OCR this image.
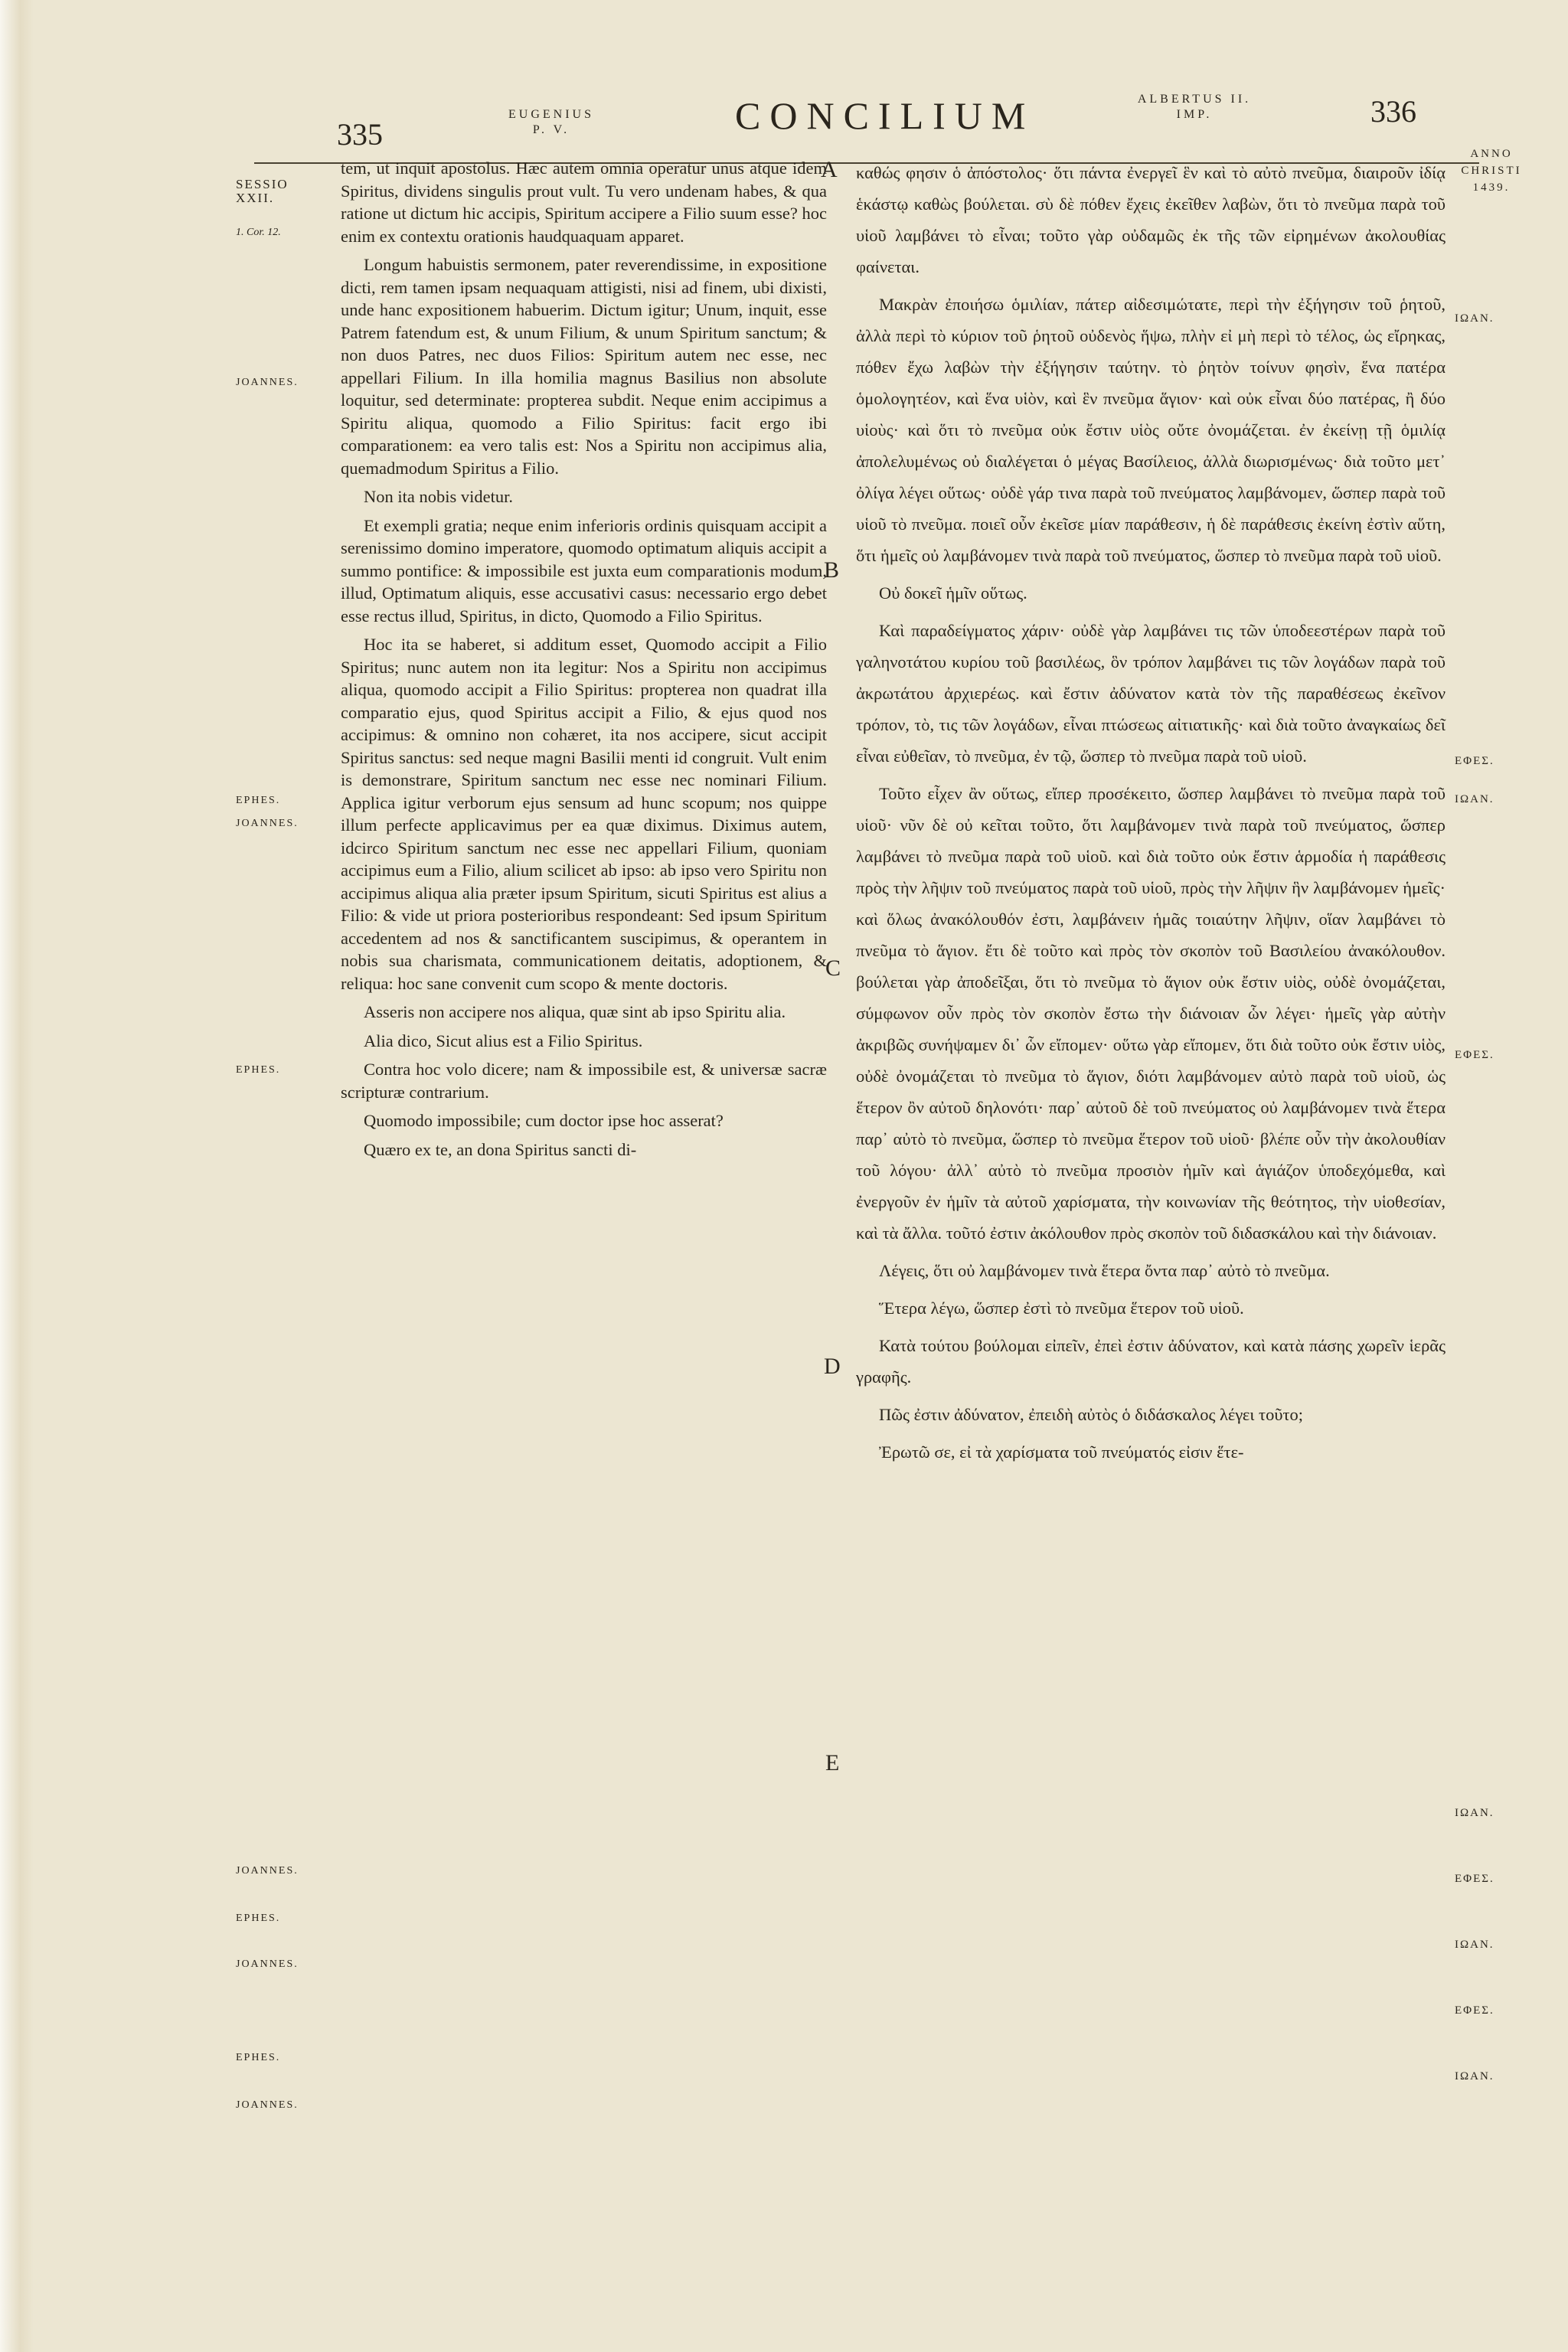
335
EUGENIUS
P. V.	CONCILIUM	ALBERTUS II.
IMP.	336
SESSIO XXII.
1. Cor. 12.
ANNO
CHRISTI
1439.
JOANNES.
EPHES.
JOANNES.
EPHES.
JOANNES.
EPHES.
JOANNES.
EPHES.
JOANNES.
ΙΩΑΝ.
ΕΦΕΣ.
ΙΩΑΝ.
ΕΦΕΣ.
ΙΩΑΝ.
ΕΦΕΣ.
ΙΩΑΝ.
ΕΦΕΣ.
ΙΩΑΝ.
A
B
C
D
E

tem, ut inquit apostolus. Hæc autem omnia operatur unus atque idem Spiritus, dividens singulis prout vult. Tu vero undenam habes, & qua ratione ut dictum hic accipis, Spiritum accipere a Filio suum esse? hoc enim ex contextu orationis haudquaquam apparet.

Longum habuistis sermonem, pater reverendissime, in expositione dicti, rem tamen ipsam nequaquam attigisti, nisi ad finem, ubi dixisti, unde hanc expositionem habuerim. Dictum igitur; Unum, inquit, esse Patrem fatendum est, & unum Filium, & unum Spiritum sanctum; & non duos Patres, nec duos Filios: Spiritum autem nec esse, nec appellari Filium. In illa homilia magnus Basilius non absolute loquitur, sed determinate: propterea subdit. Neque enim accipimus a Spiritu aliqua, quomodo a Filio Spiritus: facit ergo ibi comparationem: ea vero talis est: Nos a Spiritu non accipimus alia, quemadmodum Spiritus a Filio.

Non ita nobis videtur.

Et exempli gratia; neque enim inferioris ordinis quisquam accipit a serenissimo domino imperatore, quomodo optimatum aliquis accipit a summo pontifice: & impossibile est juxta eum comparationis modum, illud, Optimatum aliquis, esse accusativi casus: necessario ergo debet esse rectus illud, Spiritus, in dicto, Quomodo a Filio Spiritus.

Hoc ita se haberet, si additum esset, Quomodo accipit a Filio Spiritus; nunc autem non ita legitur: Nos a Spiritu non accipimus aliqua, quomodo accipit a Filio Spiritus: propterea non quadrat illa comparatio ejus, quod Spiritus accipit a Filio, & ejus quod nos accipimus: & omnino non cohæret, ita nos accipere, sicut accipit Spiritus sanctus: sed neque magni Basilii menti id congruit. Vult enim is demonstrare, Spiritum sanctum nec esse nec nominari Filium. Applica igitur verborum ejus sensum ad hunc scopum; nos quippe illum perfecte applicavimus per ea quæ diximus. Diximus autem, idcirco Spiritum sanctum nec esse nec appellari Filium, quoniam accipimus eum a Filio, alium scilicet ab ipso: ab ipso vero Spiritu non accipimus aliqua alia præter ipsum Spiritum, sicuti Spiritus est alius a Filio: & vide ut priora posterioribus respondeant: Sed ipsum Spiritum accedentem ad nos & sanctificantem suscipimus, & operantem in nobis sua charismata, communicationem deitatis, adoptionem, & reliqua: hoc sane convenit cum scopo & mente doctoris.

Asseris non accipere nos aliqua, quæ sint ab ipso Spiritu alia.

Alia dico, Sicut alius est a Filio Spiritus.

Contra hoc volo dicere; nam & impossibile est, & universæ sacræ scripturæ contrarium.

Quomodo impossibile; cum doctor ipse hoc asserat?

Quæro ex te, an dona Spiritus sancti di-

καθώς φησιν ὁ ἀπόστολος· ὅτι πάντα ἐνεργεῖ ἓν καὶ τὸ αὐτὸ πνεῦμα, διαιροῦν ἰδίᾳ ἑκάστῳ καθὼς βούλεται. σὺ δὲ πόθεν ἔχεις ἐκεῖθεν λαβὼν, ὅτι τὸ πνεῦμα παρὰ τοῦ υἱοῦ λαμβάνει τὸ εἶναι; τοῦτο γὰρ οὐδαμῶς ἐκ τῆς τῶν εἰρημένων ἀκολουθίας φαίνεται.

Μακρὰν ἐποιήσω ὁμιλίαν, πάτερ αἰδεσιμώτατε, περὶ τὴν ἐξήγησιν τοῦ ῥητοῦ, ἀλλὰ περὶ τὸ κύριον τοῦ ῥητοῦ οὐδενὸς ἥψω, πλὴν εἰ μὴ περὶ τὸ τέλος, ὡς εἴρηκας, πόθεν ἔχω λαβὼν τὴν ἐξήγησιν ταύτην. τὸ ῥητὸν τοίνυν φησὶν, ἕνα πατέρα ὁμολογητέον, καὶ ἕνα υἱὸν, καὶ ἓν πνεῦμα ἅγιον· καὶ οὐκ εἶναι δύο πατέρας, ἢ δύο υἱοὺς· καὶ ὅτι τὸ πνεῦμα οὐκ ἔστιν υἱὸς οὔτε ὀνομάζεται. ἐν ἐκείνῃ τῇ ὁμιλίᾳ ἀπολελυμένως οὐ διαλέγεται ὁ μέγας Βασίλειος, ἀλλὰ διωρισμένως· διὰ τοῦτο μετ᾽ ὀλίγα λέγει οὕτως· οὐδὲ γάρ τινα παρὰ τοῦ πνεύματος λαμβάνομεν, ὥσπερ παρὰ τοῦ υἱοῦ τὸ πνεῦμα. ποιεῖ οὖν ἐκεῖσε μίαν παράθεσιν, ἡ δὲ παράθεσις ἐκείνη ἐστὶν αὕτη, ὅτι ἡμεῖς οὐ λαμβάνομεν τινὰ παρὰ τοῦ πνεύματος, ὥσπερ τὸ πνεῦμα παρὰ τοῦ υἱοῦ.

Οὐ δοκεῖ ἡμῖν οὕτως.

Καὶ παραδείγματος χάριν· οὐδὲ γὰρ λαμβάνει τις τῶν ὑποδεεστέρων παρὰ τοῦ γαληνοτάτου κυρίου τοῦ βασιλέως, ὃν τρόπον λαμβάνει τις τῶν λογάδων παρὰ τοῦ ἀκρωτάτου ἀρχιερέως. καὶ ἔστιν ἀδύνατον κατὰ τὸν τῆς παραθέσεως ἐκεῖνον τρόπον, τὸ, τις τῶν λογάδων, εἶναι πτώσεως αἰτιατικῆς· καὶ διὰ τοῦτο ἀναγκαίως δεῖ εἶναι εὐθεῖαν, τὸ πνεῦμα, ἐν τῷ, ὥσπερ τὸ πνεῦμα παρὰ τοῦ υἱοῦ.

Τοῦτο εἶχεν ἂν οὕτως, εἴπερ προσέκειτο, ὥσπερ λαμβάνει τὸ πνεῦμα παρὰ τοῦ υἱοῦ· νῦν δὲ οὐ κεῖται τοῦτο, ὅτι λαμβάνομεν τινὰ παρὰ τοῦ πνεύματος, ὥσπερ λαμβάνει τὸ πνεῦμα παρὰ τοῦ υἱοῦ. καὶ διὰ τοῦτο οὐκ ἔστιν ἁρμοδία ἡ παράθεσις πρὸς τὴν λῆψιν τοῦ πνεύματος παρὰ τοῦ υἱοῦ, πρὸς τὴν λῆψιν ἣν λαμβάνομεν ἡμεῖς· καὶ ὅλως ἀνακόλουθόν ἐστι, λαμβάνειν ἡμᾶς τοιαύτην λῆψιν, οἵαν λαμβάνει τὸ πνεῦμα τὸ ἅγιον. ἔτι δὲ τοῦτο καὶ πρὸς τὸν σκοπὸν τοῦ Βασιλείου ἀνακόλουθον. βούλεται γὰρ ἀποδεῖξαι, ὅτι τὸ πνεῦμα τὸ ἅγιον οὐκ ἔστιν υἱὸς, οὐδὲ ὀνομάζεται, σύμφωνον οὖν πρὸς τὸν σκοπὸν ἔστω τὴν διάνοιαν ὧν λέγει· ἡμεῖς γὰρ αὐτὴν ἀκριβῶς συνήψαμεν δι᾽ ὧν εἴπομεν· οὕτω γὰρ εἴπομεν, ὅτι διὰ τοῦτο οὐκ ἔστιν υἱὸς, οὐδὲ ὀνομάζεται τὸ πνεῦμα τὸ ἅγιον, διότι λαμβάνομεν αὐτὸ παρὰ τοῦ υἱοῦ, ὡς ἕτερον ὂν αὐτοῦ δηλονότι· παρ᾽ αὐτοῦ δὲ τοῦ πνεύματος οὐ λαμβάνομεν τινὰ ἕτερα παρ᾽ αὐτὸ τὸ πνεῦμα, ὥσπερ τὸ πνεῦμα ἕτερον τοῦ υἱοῦ· βλέπε οὖν τὴν ἀκολουθίαν τοῦ λόγου· ἀλλ᾽ αὐτὸ τὸ πνεῦμα προσιὸν ἡμῖν καὶ ἁγιάζον ὑποδεχόμεθα, καὶ ἐνεργοῦν ἐν ἡμῖν τὰ αὐτοῦ χαρίσματα, τὴν κοινωνίαν τῆς θεότητος, τὴν υἱοθεσίαν, καὶ τὰ ἄλλα. τοῦτό ἐστιν ἀκόλουθον πρὸς σκοπὸν τοῦ διδασκάλου καὶ τὴν διάνοιαν.

Λέγεις, ὅτι οὐ λαμβάνομεν τινὰ ἕτερα ὄντα παρ᾽ αὐτὸ τὸ πνεῦμα.

Ἕτερα λέγω, ὥσπερ ἐστὶ τὸ πνεῦμα ἕτερον τοῦ υἱοῦ.

Κατὰ τούτου βούλομαι εἰπεῖν, ἐπεὶ ἐστιν ἀδύνατον, καὶ κατὰ πάσης χωρεῖν ἱερᾶς γραφῆς.

Πῶς ἐστιν ἀδύνατον, ἐπειδὴ αὐτὸς ὁ διδάσκαλος λέγει τοῦτο;

Ἐρωτῶ σε, εἰ τὰ χαρίσματα τοῦ πνεύματός εἰσιν ἕτε-
